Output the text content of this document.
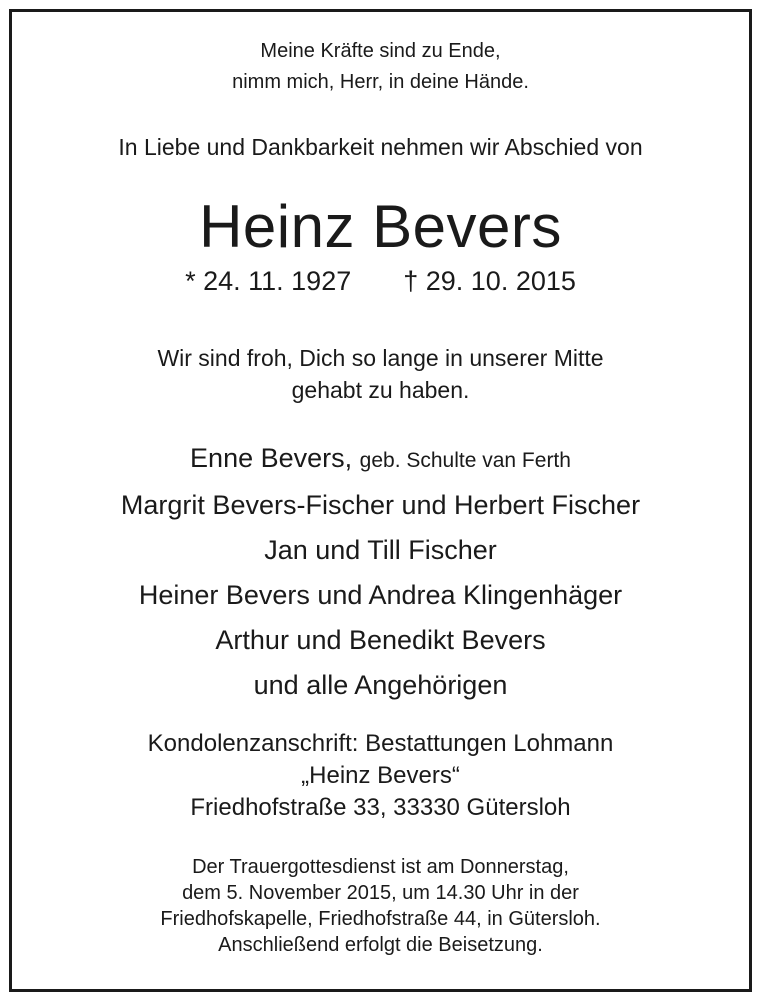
Meine Kräfte sind zu Ende,
nimm mich, Herr, in deine Hände.
In Liebe und Dankbarkeit nehmen wir Abschied von
Heinz Bevers
* 24. 11. 1927 † 29. 10. 2015
Wir sind froh, Dich so lange in unserer Mitte
gehabt zu haben.
Enne Bevers, geb. Schulte van Ferth
Margrit Bevers-Fischer und Herbert Fischer
Jan und Till Fischer
Heiner Bevers und Andrea Klingenhäger
Arthur und Benedikt Bevers
und alle Angehörigen
Kondolenzanschrift: Bestattungen Lohmann
„Heinz Bevers“
Friedhofstraße 33, 33330 Gütersloh
Der Trauergottesdienst ist am Donnerstag,
dem 5. November 2015, um 14.30 Uhr in der
Friedhofskapelle, Friedhofstraße 44, in Gütersloh.
Anschließend erfolgt die Beisetzung.
